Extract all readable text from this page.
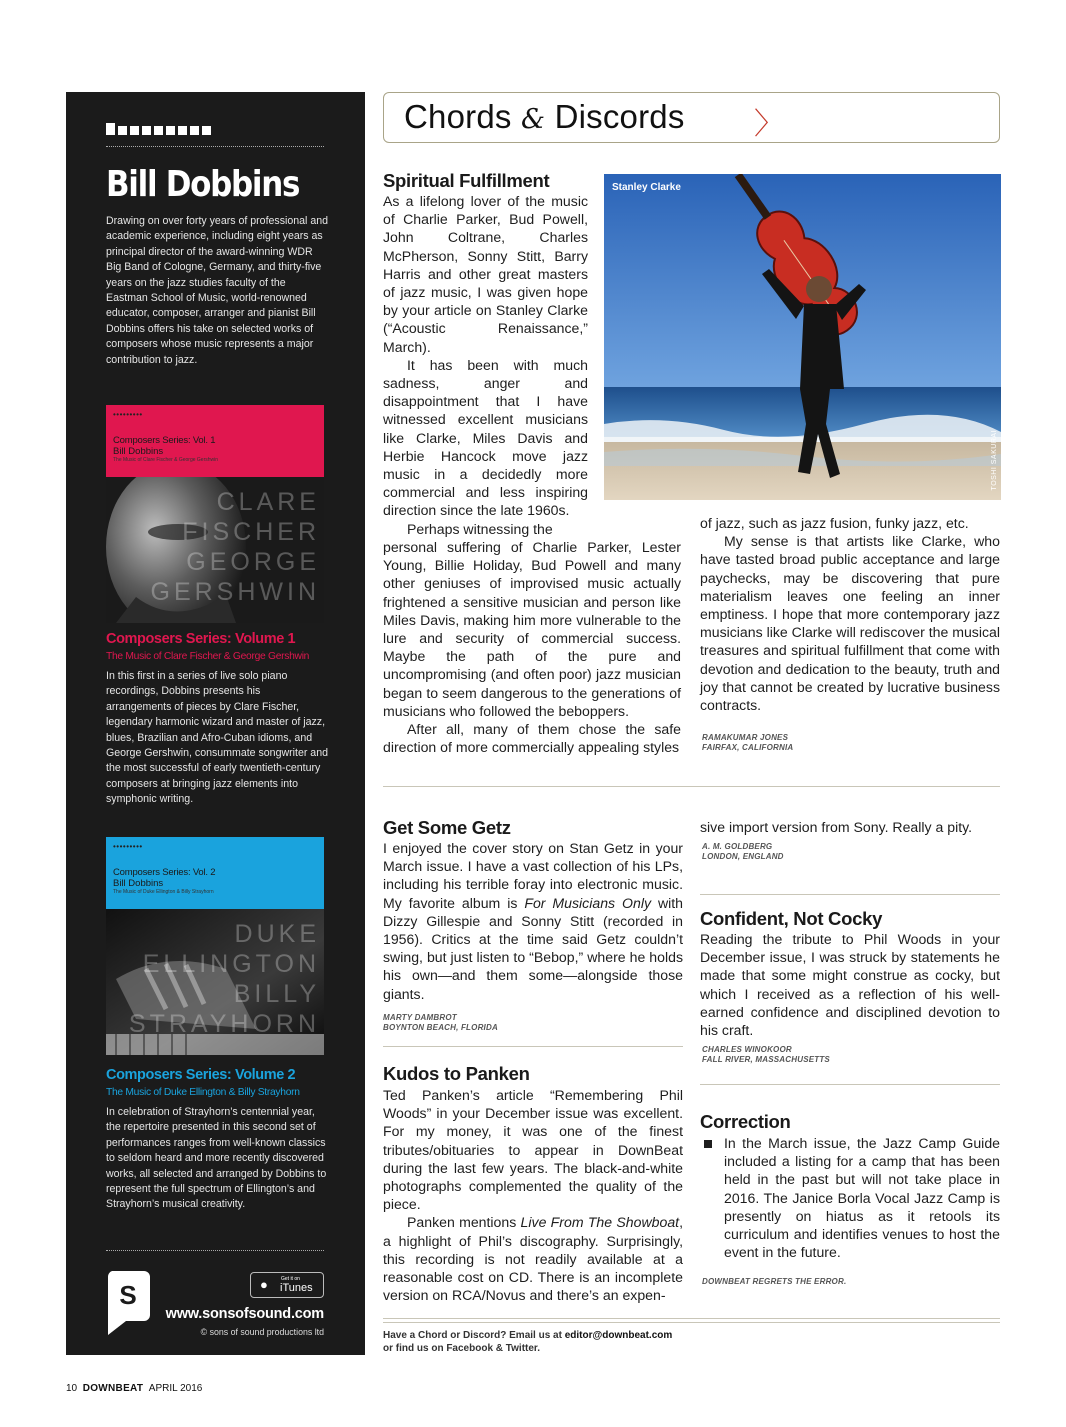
Bill Dobbins
Drawing on over forty years of professional and academic experience, including eight years as principal director of the award-winning WDR Big Band of Cologne, Germany, and thirty-five years on the jazz studies faculty of the Eastman School of Music, world-renowned educator, composer, arranger and pianist Bill Dobbins offers his take on selected works of composers whose music represents a major contribution to jazz.
•••••••••
Composers Series: Vol. 1
Bill Dobbins
The Music of Clare Fischer & George Gershwin
CLARE
FISCHER
GEORGE
GERSHWIN
Composers Series: Volume 1
The Music of Clare Fischer & George Gershwin
In this first in a series of live solo piano recordings, Dobbins presents his arrangements of pieces by Clare Fischer, legendary harmonic wizard and master of jazz, blues, Brazilian and Afro-Cuban idioms, and George Gershwin, consummate songwriter and the most successful of early twentieth-century composers at bringing jazz elements into symphonic writing.
•••••••••
Composers Series: Vol. 2
Bill Dobbins
The Music of Duke Ellington & Billy Strayhorn
DUKE
ELLINGTON
BILLY
STRAYHORN
Composers Series: Volume 2
The Music of Duke Ellington & Billy Strayhorn
In celebration of Strayhorn’s centennial year, the repertoire presented in this second set of performances ranges from well-known classics to seldom heard and more recently discovered works, all selected and arranged by Dobbins to represent the full spectrum of Ellington’s and Strayhorn’s musical creativity.
S	●	Get it on
iTunes
www.sonsofsound.com
© sons of sound productions ltd
Chords & Discords 〉
Spiritual Fulfillment

As a lifelong lover of the music of Charlie Parker, Bud Powell, John Coltrane, Charles McPherson, Sonny Stitt, Barry Harris and other great masters of jazz music, I was given hope by your article on Stanley Clarke (“Acoustic Renaissance,” March).

It has been with much sadness, anger and disappointment that I have witnessed excellent musicians like Clarke, Miles Davis and Herbie Hancock move jazz music in a decidedly more commercial and less inspiring direction since the late 1960s.

Perhaps witnessing the

personal suffering of Charlie Parker, Lester Young, Billie Holiday, Bud Powell and many other geniuses of improvised music actually frightened a sensitive musician and person like Miles Davis, making him more vulnerable to the lure and security of commercial success. Maybe the path of the pure and uncompromising (and often poor) jazz musician began to seem dangerous to the generations of musicians who followed the beboppers.

After all, many of them chose the safe direction of more commercially appealing styles

Stanley Clarke
TOSHI SAKURAI

of jazz, such as jazz fusion, funky jazz, etc.

My sense is that artists like Clarke, who have tasted broad public acceptance and large paychecks, may be discovering that pure materialism leaves one feeling an inner emptiness. I hope that more contemporary jazz musicians like Clarke will rediscover the musical treasures and spiritual fulfillment that come with devotion and dedication to the beauty, truth and joy that cannot be created by lucrative business contracts.

RAMAKUMAR JONES
FAIRFAX, CALIFORNIA
Get Some Getz

I enjoyed the cover story on Stan Getz in your March issue. I have a vast collection of his LPs, including his terrible foray into electronic music. My favorite album is For Musicians Only with Dizzy Gillespie and Sonny Stitt (recorded in 1956). Critics at the time said Getz couldn’t swing, but just listen to “Bebop,” where he holds his own—and them some—alongside those giants.

MARTY DAMBROT
BOYNTON BEACH, FLORIDA
Kudos to Panken

Ted Panken’s article “Remembering Phil Woods” in your December issue was excellent. For my money, it was one of the finest tributes/obituaries to appear in DownBeat during the last few years. The black-and-white photographs complemented the quality of the piece.

Panken mentions Live From The Showboat, a highlight of Phil’s discography. Surprisingly, this recording is not readily available at a reasonable cost on CD. There is an incomplete version on RCA/Novus and there’s an expen-

sive import version from Sony. Really a pity.

A. M. GOLDBERG
LONDON, ENGLAND
Confident, Not Cocky

Reading the tribute to Phil Woods in your December issue, I was struck by statements he made that some might construe as cocky, but which I received as a reflection of his well-earned confidence and disciplined devotion to his craft.

CHARLES WINOKOOR
FALL RIVER, MASSACHUSETTS
Correction
In the March issue, the Jazz Camp Guide included a listing for a camp that has been held in the past but will not take place in 2016. The Janice Borla Vocal Jazz Camp is presently on hiatus as it retools its curriculum and identifies venues to host the event in the future.
DOWNBEAT REGRETS THE ERROR.
Have a Chord or Discord? Email us at editor@downbeat.com
or find us on Facebook & Twitter.
10 DOWNBEAT APRIL 2016
